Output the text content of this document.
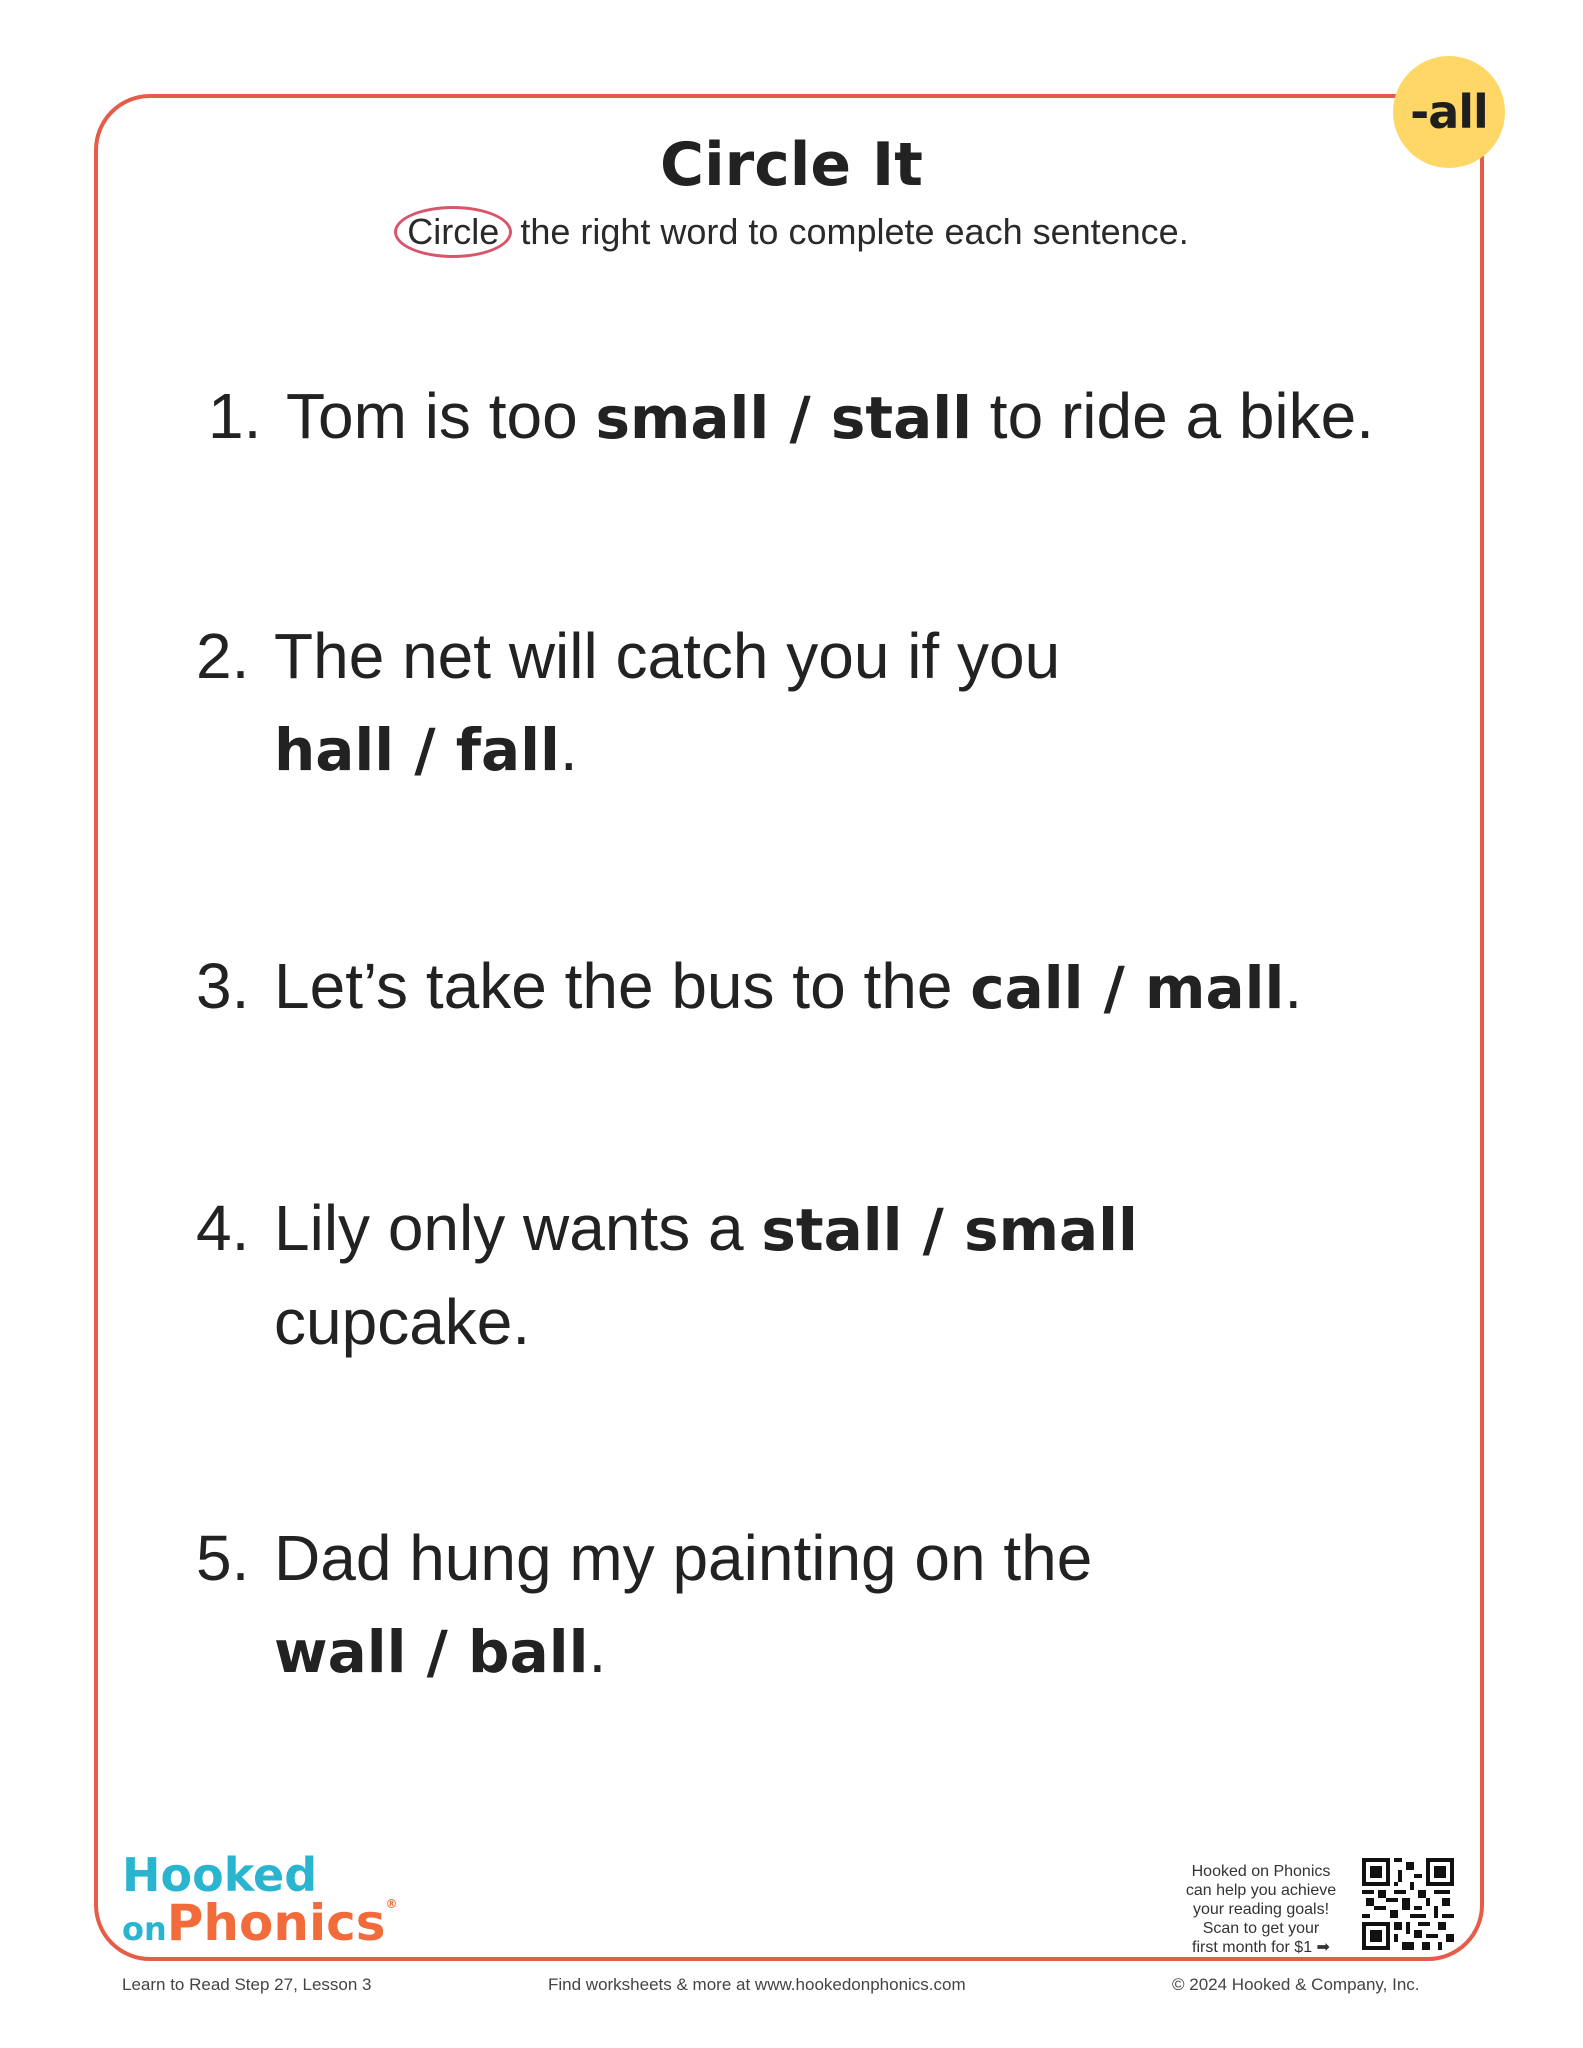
-all
Circle It
Circle the right word to complete each sentence.
1. Tom is too small / stall to ride a bike.
2. The net will catch you if you
hall / fall.
3. Let’s take the bus to the call / mall.
4. Lily only wants a stall / small
cupcake.
5. Dad hung my painting on the
wall / ball.
Hooked
onPhonics®
Hooked on Phonics
can help you achieve
your reading goals!
Scan to get your
first month for $1 ➡
Learn to Read Step 27, Lesson 3	Find worksheets & more at www.hookedonphonics.com	© 2024 Hooked & Company, Inc.
